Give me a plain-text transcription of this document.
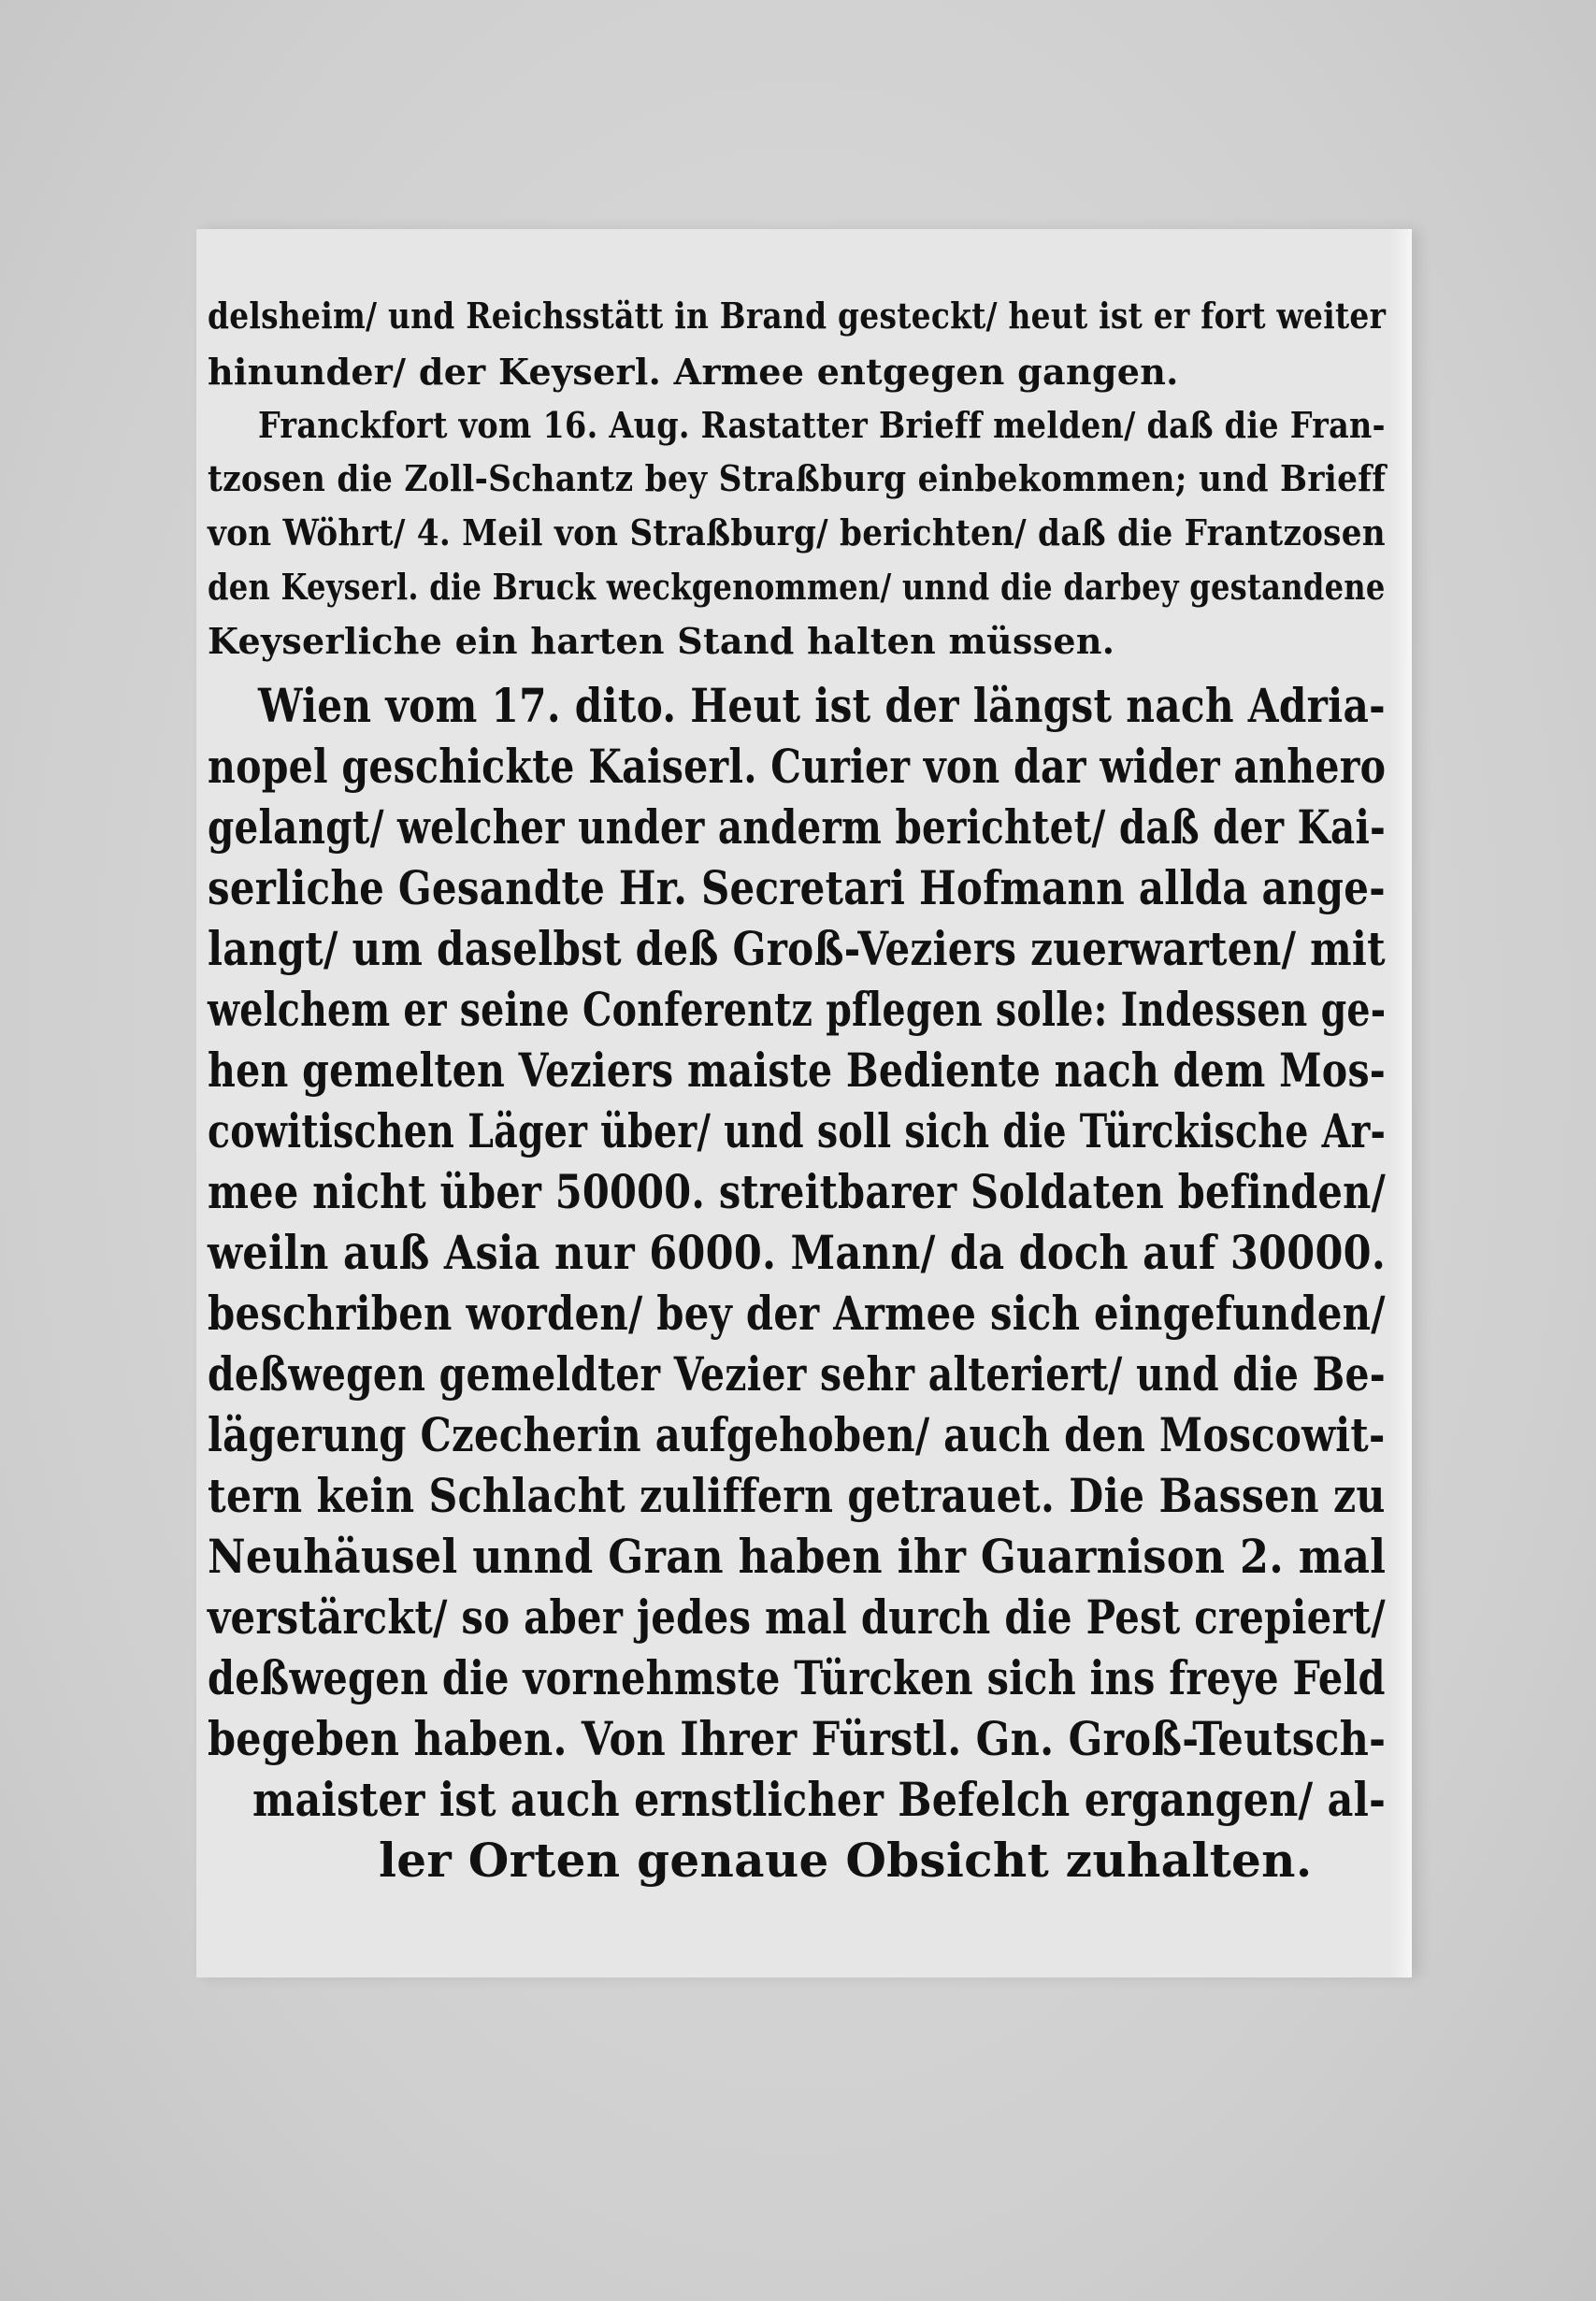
delsheim/ und Reichsstätt in Brand gesteckt/ heut ist er fort weiter
hinunder/ der Keyserl. Armee entgegen gangen.
Franckfort vom 16. Aug. Rastatter Brieff melden/ daß die Fran-
tzosen die Zoll-Schantz bey Straßburg einbekommen; und Brieff
von Wöhrt/ 4. Meil von Straßburg/ berichten/ daß die Frantzosen
den Keyserl. die Bruck weckgenommen/ unnd die darbey gestandene
Keyserliche ein harten Stand halten müssen.
Wien vom 17. dito. Heut ist der längst nach Adria-
nopel geschickte Kaiserl. Curier von dar wider anhero
gelangt/ welcher under anderm berichtet/ daß der Kai-
serliche Gesandte Hr. Secretari Hofmann allda ange-
langt/ um daselbst deß Groß-Veziers zuerwarten/ mit
welchem er seine Conferentz pflegen solle: Indessen ge-
hen gemelten Veziers maiste Bediente nach dem Mos-
cowitischen Läger über/ und soll sich die Türckische Ar-
mee nicht über 50000. streitbarer Soldaten befinden/
weiln auß Asia nur 6000. Mann/ da doch auf 30000.
beschriben worden/ bey der Armee sich eingefunden/
deßwegen gemeldter Vezier sehr alteriert/ und die Be-
lägerung Czecherin aufgehoben/ auch den Moscowit-
tern kein Schlacht zuliffern getrauet. Die Bassen zu
Neuhäusel unnd Gran haben ihr Guarnison 2. mal
verstärckt/ so aber jedes mal durch die Pest crepiert/
deßwegen die vornehmste Türcken sich ins freye Feld
begeben haben. Von Ihrer Fürstl. Gn. Groß-Teutsch-
maister ist auch ernstlicher Befelch ergangen/ al-
ler Orten genaue Obsicht zuhalten.
